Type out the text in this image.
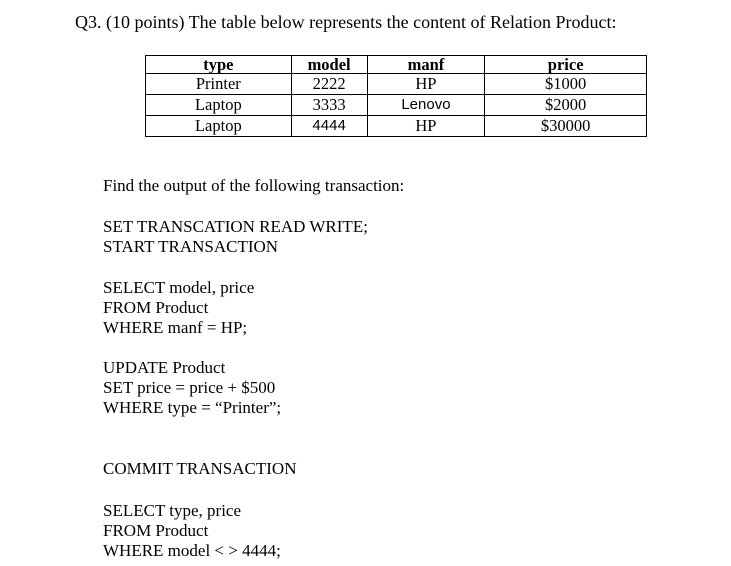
Q3. (10 points) The table below represents the content of Relation Product:
type	model	manf	price
Printer	2222	HP	$1000
Laptop	3333	Lenovo	$2000
Laptop	4444	HP	$30000
Find the output of the following transaction:
SET TRANSCATION READ WRITE;
START TRANSACTION
SELECT model, price
FROM Product
WHERE manf = HP;
UPDATE Product
SET price = price + $500
WHERE type = “Printer”;
COMMIT TRANSACTION
SELECT type, price
FROM Product
WHERE model < > 4444;
